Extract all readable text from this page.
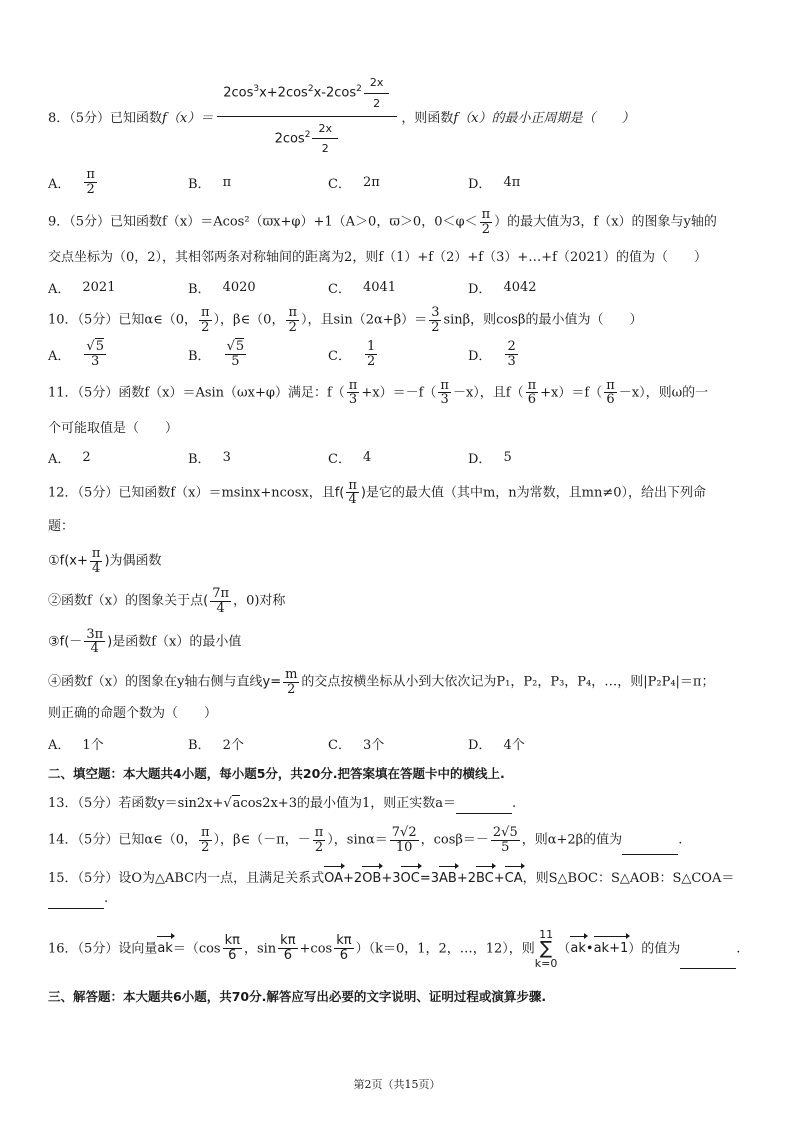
8．（5分）已知函数 $f(x)= \frac{2\cos^3x+2\cos^2x-2\cos^2 \frac{2x}{2}}{2\cos^2 \frac{2x}{2}}$ ，则函数 f（x）的最小正周期是（　　）
A． $\frac{\pi}{2}$	B． π	C． 2π	D． 4π
9．（5分）已知函数f（x）＝Acos²（ϖx+φ）+1（A＞0，ϖ＞0，$0<\varphi< \frac{\pi}{2}$ ）的最大值为3，f（x）的图象与y轴的
交点坐标为（0，2），其相邻两条对称轴间的距离为2，则f（1）+f（2）+f（3）+…+f（2021）的值为（　　）
A． 2021	B． 4020	C． 4041	D． 4042
10．（5分）已知α∈（0， $\frac{\pi}{2}$ ），β∈（0， $\frac{\pi}{2}$ ），且$\sin(2\alpha+\beta)= \frac{3}{2}$ sinβ，则cosβ的最小值为（　　）
A． $\frac{√5}{3}$	B． $\frac{√5}{5}$	C． $\frac{1}{2}$	D． $\frac{2}{3}$
11．（5分）函数f（x）＝Asin（ωx+φ）满足：$f( \frac{\pi}{3} +x)=-f( \frac{\pi}{3} -x)$，且$f( \frac{\pi}{6} +x)=f( \frac{\pi}{6} -x)$，则ω的一
个可能取值是（　　）
A． 2	B． 3	C． 4	D． 5
12．（5分）已知函数f（x）＝msinx+ncosx，且$f( \frac{\pi}{4}$ )是它的最大值（其中m，n为常数，且mn≠0），给出下列命
题：
①f(x+ $\frac{\pi}{4}$ )为偶函数
②函数f（x）的图象关于点( $\frac{7\pi}{4}$ ，0)对称
③f(－ $\frac{3\pi}{4}$ )是函数f（x）的最小值
④函数f（x）的图象在y轴右侧与直线$y= \frac{m}{2}$ 的交点按横坐标从小到大依次记为P₁，P₂，P₃，P₄，…，则|P₂P₄|＝π；
则正确的命题个数为（　　）
A． 1个	B． 2个	C． 3个	D． 4个
二、填空题：本大题共4小题，每小题5分，共20分.把答案填在答题卡中的横线上.
13．（5分）若函数y＝sin2x+√acos2x+3的最小值为1，则正实数a＝	.
14．（5分）已知α∈（0， $\frac{\pi}{2}$ ），β∈（－π，－ $\frac{\pi}{2}$ ），$\sin\alpha= \frac{7√2}{10}$ ，$\cos\beta=- \frac{2√5}{5}$ ，则α+2β的值为	.
15．（5分）设O为△ABC内一点，且满足关系式OA+2OB+3OC=3AB+2BC+CA，则S△BOC：S△AOB：S△COA＝.
16．（5分）设向量$ak=(\cos \frac{k\pi}{6}$ ，$\sin \frac{k\pi}{6} +\cos \frac{k\pi}{6} )(k=0$，1，2，…，12），则
11
∑
k=0
（ak•ak+1）的值为	.
三、解答题：本大题共6小题，共70分.解答应写出必要的文字说明、证明过程或演算步骤.
第2页（共15页）
